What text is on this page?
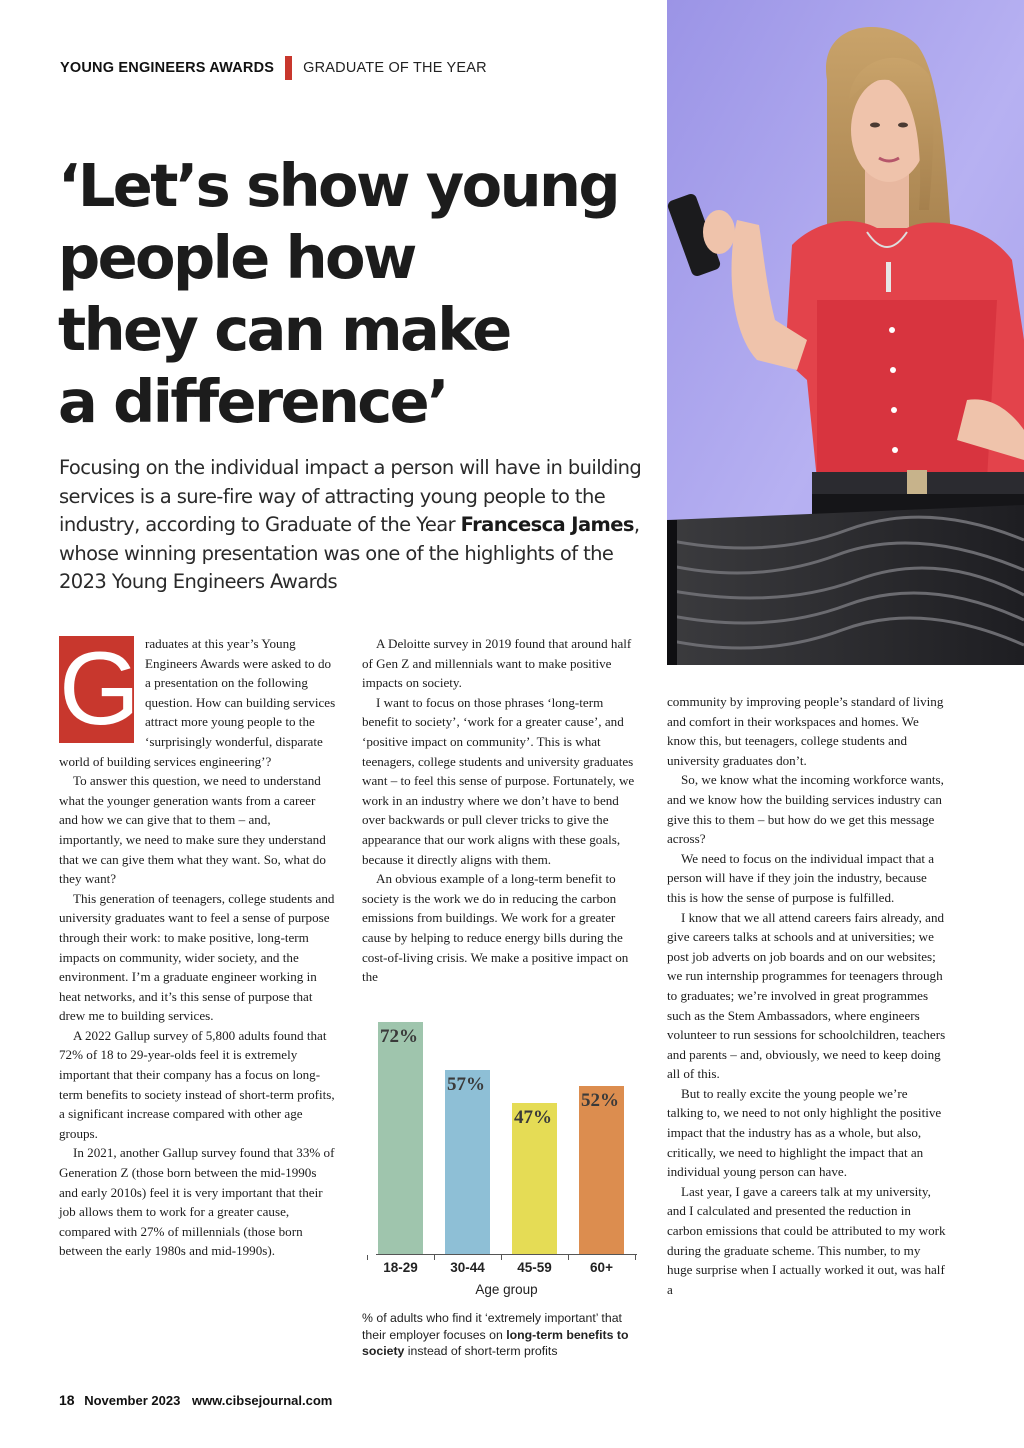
YOUNG ENGINEERS AWARDS GRADUATE OF THE YEAR
‘Let’s show young
people how
they can make
a difference’

Focusing on the individual impact a person will have in building services is a sure-fire way of attracting young people to the industry, according to Graduate of the Year Francesca James, whose winning presentation was one of the highlights of the 2023 Young Engineers Awards

G raduates at this year’s Young Engineers Awards were asked to do a presentation on the following question. How can building services attract more young people to the ‘surprisingly wonderful, disparate world of building services engineering’?

To answer this question, we need to understand what the younger generation wants from a career and how we can give that to them – and, importantly, we need to make sure they understand that we can give them what they want. So, what do they want?

This generation of teenagers, college students and university graduates want to feel a sense of purpose through their work: to make positive, long-term impacts on community, wider society, and the environment. I’m a graduate engineer working in heat networks, and it’s this sense of purpose that drew me to building services.

A 2022 Gallup survey of 5,800 adults found that 72% of 18 to 29-year-olds feel it is extremely important that their company has a focus on long-term benefits to society instead of short-term profits, a significant increase compared with other age groups.

In 2021, another Gallup survey found that 33% of Generation Z (those born between the mid-1990s and early 2010s) feel it is very important that their job allows them to work for a greater cause, compared with 27% of millennials (those born between the early 1980s and mid-1990s).

A Deloitte survey in 2019 found that around half of Gen Z and millennials want to make positive impacts on society.

I want to focus on those phrases ‘long-term benefit to society’, ‘work for a greater cause’, and ‘positive impact on community’. This is what teenagers, college students and university graduates want – to feel this sense of purpose. Fortunately, we work in an industry where we don’t have to bend over backwards or pull clever tricks to give the appearance that our work aligns with these goals, because it directly aligns with them.

An obvious example of a long-term benefit to society is the work we do in reducing the carbon emissions from buildings. We work for a greater cause by helping to reduce energy bills during the cost-of-living crisis. We make a positive impact on the

Age group
% of adults who find it ‘extremely important’ that their employer focuses on long-term benefits to society instead of short-term profits
72%
18-29
57%
30-44
47%
45-59
52%
60+

community by improving people’s standard of living and comfort in their workspaces and homes. We know this, but teenagers, college students and university graduates don’t.

So, we know what the incoming workforce wants, and we know how the building services industry can give this to them – but how do we get this message across?

We need to focus on the individual impact that a person will have if they join the industry, because this is how the sense of purpose is fulfilled.

I know that we all attend careers fairs already, and give careers talks at schools and at universities; we post job adverts on job boards and on our websites; we run internship programmes for teenagers through to graduates; we’re involved in great programmes such as the Stem Ambassadors, where engineers volunteer to run sessions for schoolchildren, teachers and parents – and, obviously, we need to keep doing all of this.

But to really excite the young people we’re talking to, we need to not only highlight the positive impact that the industry has as a whole, but also, critically, we need to highlight the impact that an individual young person can have.

Last year, I gave a careers talk at my university, and I calculated and presented the reduction in carbon emissions that could be attributed to my work during the graduate scheme. This number, to my huge surprise when I actually worked it out, was half a

18 November 2023 www.cibsejournal.com
